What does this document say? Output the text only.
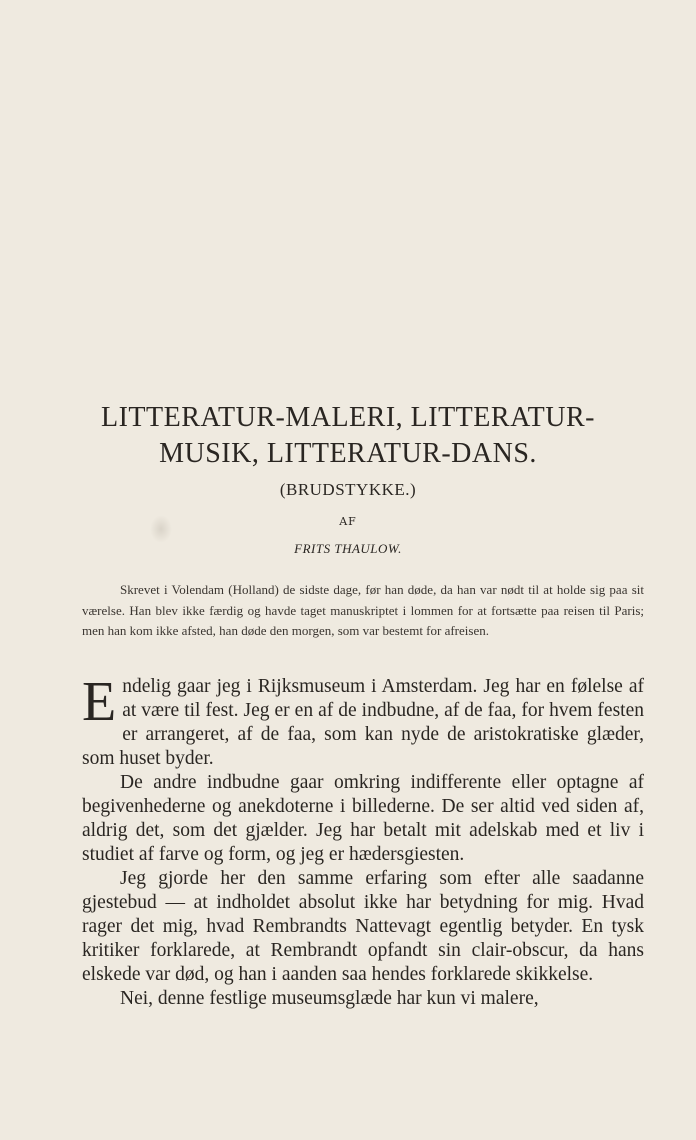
LITTERATUR-MALERI, LITTERATUR-
MUSIK, LITTERATUR-DANS.
(BRUDSTYKKE.)
AF
FRITS THAULOW.
Skrevet i Volendam (Holland) de sidste dage, før han døde, da han var nødt til at holde sig paa sit værelse. Han blev ikke færdig og havde taget manuskriptet i lommen for at fortsætte paa reisen til Paris; men han kom ikke afsted, han døde den morgen, som var bestemt for afreisen.

Endelig gaar jeg i Rijksmuseum i Amsterdam. Jeg har en følelse af at være til fest. Jeg er en af de indbudne, af de faa, for hvem festen er arrangeret, af de faa, som kan nyde de aristokratiske glæder, som huset byder.

De andre indbudne gaar omkring indifferente eller optagne af begivenhederne og anekdoterne i billederne. De ser altid ved siden af, aldrig det, som det gjælder. Jeg har betalt mit adelskab med et liv i studiet af farve og form, og jeg er hædersgiesten.

Jeg gjorde her den samme erfaring som efter alle saadanne gjestebud — at indholdet absolut ikke har betydning for mig. Hvad rager det mig, hvad Rembrandts Nattevagt egentlig betyder. En tysk kritiker forklarede, at Rembrandt opfandt sin clair-obscur, da hans elskede var død, og han i aanden saa hendes forklarede skikkelse.

Nei, denne festlige museumsglæde har kun vi malere,
